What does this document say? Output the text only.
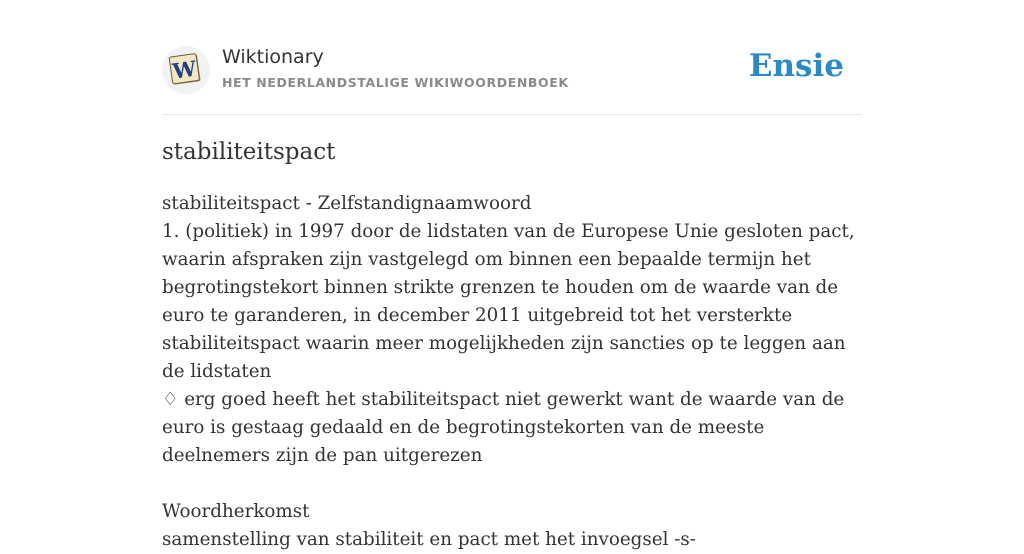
W Wiktionary
HET NEDERLANDSTALIGE WIKIWOORDENBOEK	Ensie
stabiliteitspact
stabiliteitspact - Zelfstandignaamwoord
1. (politiek) in 1997 door de lidstaten van de Europese Unie gesloten pact, waarin afspraken zijn vastgelegd om binnen een bepaalde termijn het begrotingstekort binnen strikte grenzen te houden om de waarde van de euro te garanderen, in december 2011 uitgebreid tot het versterkte stabiliteitspact waarin meer mogelijkheden zijn sancties op te leggen aan de lidstaten
♢ erg goed heeft het stabiliteitspact niet gewerkt want de waarde van de euro is gestaag gedaald en de begrotingstekorten van de meeste deelnemers zijn de pan uitgerezen
Woordherkomst
samenstelling van stabiliteit en pact met het invoegsel -s-
